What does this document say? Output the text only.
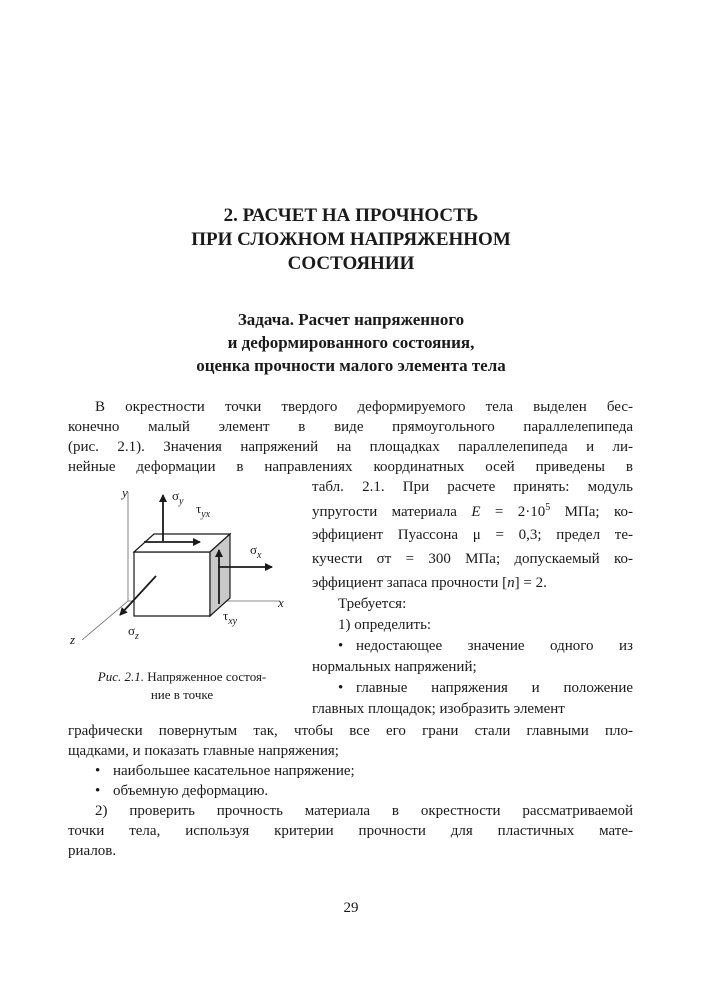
2. РАСЧЕТ НА ПРОЧНОСТЬ
ПРИ СЛОЖНОМ НАПРЯЖЕННОМ
СОСТОЯНИИ
Задача. Расчет напряженного
и деформированного состояния,
оценка прочности малого элемента тела
В окрестности точки твердого деформируемого тела выделен бес-
конечно малый элемент в виде прямоугольного параллелепипеда
(рис. 2.1). Значения напряжений на площадках параллелепипеда и ли-
нейные деформации в направлениях координатных осей приведены в
табл. 2.1. При расчете принять: модуль
упругости материала $E = 2\cdot 10^5$ МПа; ко-
эффициент Пуассона μ = 0,3; предел те-
кучести σт = 300 МПа; допускаемый ко-
эффициент запаса прочности [n] = 2.
Требуется:
1) определить:
• недостающее значение одного из
нормальных напряжений;
• главные напряжения и положение
главных площадок; изобразить элемент
y
x
z
$\sigma_y$ $\tau_{yx}$
$\sigma_x$
$\tau_{xy}$
$\sigma_z$
Рис. 2.1. Напряженное состоя-
ние в точке
графически повернутым так, чтобы все его грани стали главными пло-
щадками, и показать главные напряжения;
• наибольшее касательное напряжение;
• объемную деформацию.
2) проверить прочность материала в окрестности рассматриваемой
точки тела, используя критерии прочности для пластичных мате-
риалов.
29
